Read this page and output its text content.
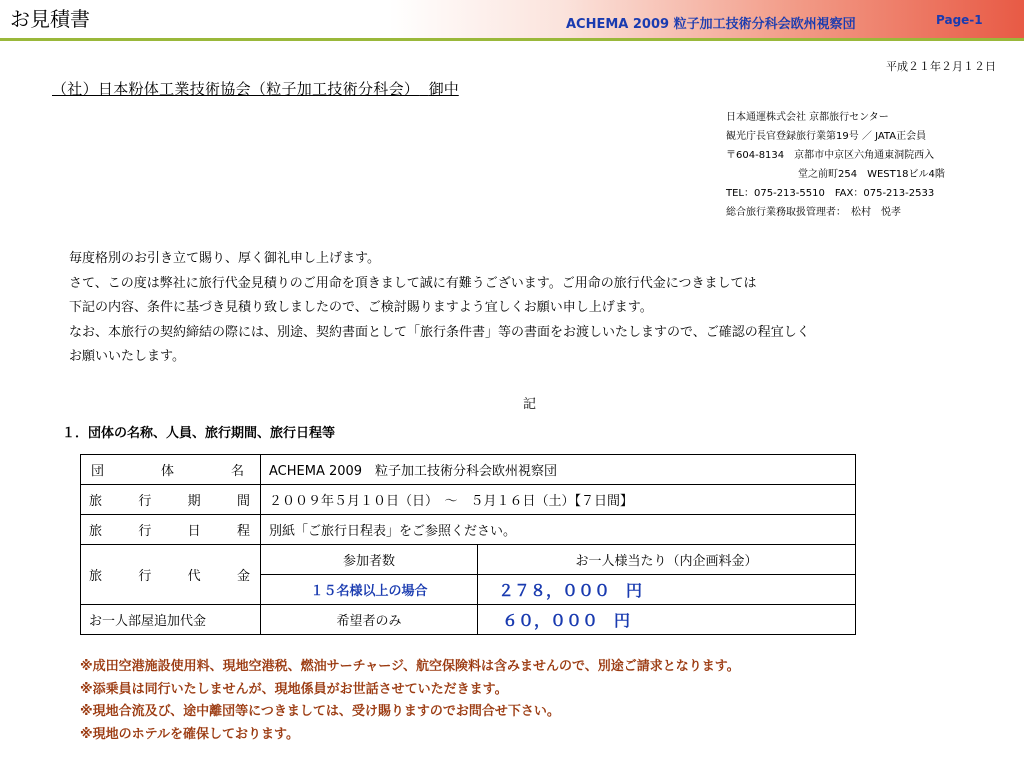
お見積書	ACHEMA 2009 粒子加工技術分科会欧州視察団	Page-1
平成２１年２月１２日
（社）日本粉体工業技術協会（粒子加工技術分科会） 御中
日本通運株式会社 京都旅行センター
観光庁長官登録旅行業第19号 ／ JATA正会員
〒604-8134　京都市中京区六角通東洞院西入
堂之前町254　WEST18ビル4階
TEL：075-213-5510　FAX：075-213-2533
総合旅行業務取扱管理者：　松村　悦孝
毎度格別のお引き立て賜り、厚く御礼申し上げます。
さて、この度は弊社に旅行代金見積りのご用命を頂きまして誠に有難うございます。ご用命の旅行代金につきましては
下記の内容、条件に基づき見積り致しましたので、ご検討賜りますよう宜しくお願い申し上げます。
なお、本旅行の契約締結の際には、別途、契約書面として「旅行条件書」等の書面をお渡しいたしますので、ご確認の程宜しく
お願いいたします。
記
１．団体の名称、人員、旅行期間、旅行日程等
団 体 名	ACHEMA 2009　粒子加工技術分科会欧州視察団	

旅 行 期 間	２００９年５月１０日（日）　～　５月１６日（土）【７日間】	

旅 行 日 程	別紙「ご旅行日程表」をご参照ください。	

旅 行 代 金	参加者数	お一人様当たり（内企画料金）
	１５名様以上の場合	２７８，０００　円
お一人部屋追加代金	希望者のみ	６０，０００　円
※成田空港施設使用料、現地空港税、燃油サーチャージ、航空保険料は含みませんので、別途ご請求となります。
※添乗員は同行いたしませんが、現地係員がお世話させていただきます。
※現地合流及び、途中離団等につきましては、受け賜りますのでお問合せ下さい。
※現地のホテルを確保しております。
